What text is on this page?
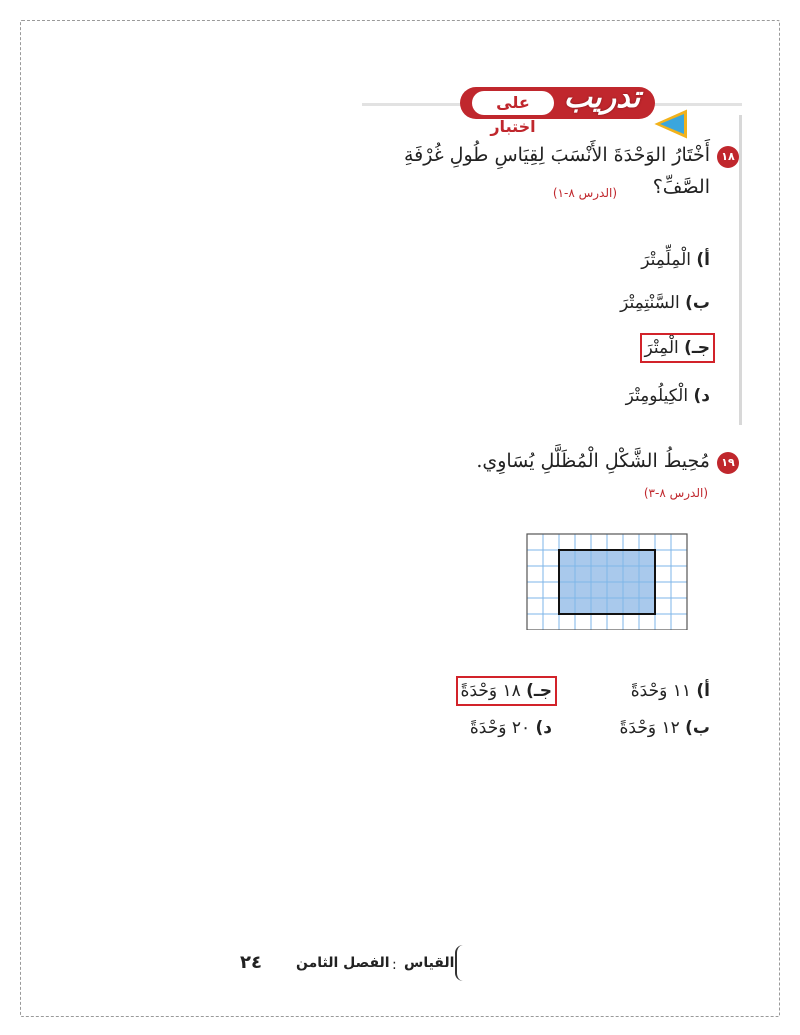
على اختبار
تدريب
١٨
أَخْتَارُ الوَحْدَةَ الأَنْسَبَ لِقِيَاسِ طُولِ غُرْفَةِ
الصَّفِّ؟
(الدرس ٨-١)
أ) الْمِلِّمِتْرَ
ب) السَّنْتِمِتْرَ
جـ) الْمِتْرَ
د) الْكِيلُومِتْرَ
١٩
مُحِيطُ الشَّكْلِ الْمُظَلَّلِ يُسَاوِي.
(الدرس ٨-٣)
أ) ١١ وَحْدَةً
جـ) ١٨ وَحْدَةً
ب) ١٢ وَحْدَةً
د) ٢٠ وَحْدَةً
٢٤ الفصل الثامن : القياس
